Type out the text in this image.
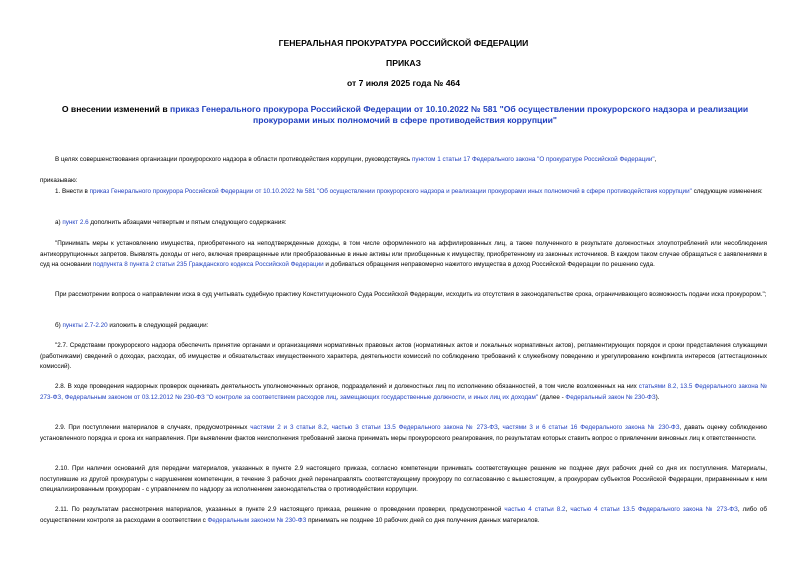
ГЕНЕРАЛЬНАЯ ПРОКУРАТУРА РОССИЙСКОЙ ФЕДЕРАЦИИ
ПРИКАЗ
от 7 июля 2025 года № 464
О внесении изменений в приказ Генерального прокурора Российской Федерации от 10.10.2022 № 581 "Об осуществлении прокурорского надзора и реализации прокурорами иных полномочий в сфере противодействия коррупции"
В целях совершенствования организации прокурорского надзора в области противодействия коррупции, руководствуясь пунктом 1 статьи 17 Федерального закона "О прокуратуре Российской Федерации",
приказываю:
1. Внести в приказ Генерального прокурора Российской Федерации от 10.10.2022 № 581 "Об осуществлении прокурорского надзора и реализации прокурорами иных полномочий в сфере противодействия коррупции" следующие изменения:
а) пункт 2.6 дополнить абзацами четвертым и пятым следующего содержания:
"Принимать меры к установлению имущества, приобретенного на неподтвержденные доходы, в том числе оформленного на аффилированных лиц, а также полученного в результате должностных злоупотреблений или несоблюдения антикоррупционных запретов. Выявлять доходы от него, включая превращенные или преобразованные в иные активы или приобщенные к имуществу, приобретенному из законных источников. В каждом таком случае обращаться с заявлениями в суд на основании подпункта 8 пункта 2 статьи 235 Гражданского кодекса Российской Федерации и добиваться обращения неправомерно нажитого имущества в доход Российской Федерации по решению суда.
При рассмотрении вопроса о направлении иска в суд учитывать судебную практику Конституционного Суда Российской Федерации, исходить из отсутствия в законодательстве срока, ограничивающего возможность подачи иска прокурором.";
б) пункты 2.7-2.20 изложить в следующей редакции:
"2.7. Средствами прокурорского надзора обеспечить принятие органами и организациями нормативных правовых актов (нормативных актов и локальных нормативных актов), регламентирующих порядок и сроки представления служащими (работниками) сведений о доходах, расходах, об имуществе и обязательствах имущественного характера, деятельности комиссий по соблюдению требований к служебному поведению и урегулированию конфликта интересов (аттестационных комиссий).
2.8. В ходе проведения надзорных проверок оценивать деятельность уполномоченных органов, подразделений и должностных лиц по исполнению обязанностей, в том числе возложенных на них статьями 8.2, 13.5 Федерального закона № 273-ФЗ, Федеральным законом от 03.12.2012 № 230-ФЗ "О контроле за соответствием расходов лиц, замещающих государственные должности, и иных лиц их доходам" (далее - Федеральный закон № 230-ФЗ).
2.9. При поступлении материалов в случаях, предусмотренных частями 2 и 3 статьи 8.2, частью 3 статьи 13.5 Федерального закона № 273-ФЗ, частями 3 и 6 статьи 16 Федерального закона № 230-ФЗ, давать оценку соблюдению установленного порядка и срока их направления. При выявлении фактов неисполнения требований закона принимать меры прокурорского реагирования, по результатам которых ставить вопрос о привлечении виновных лиц к ответственности.
2.10. При наличии оснований для передачи материалов, указанных в пункте 2.9 настоящего приказа, согласно компетенции принимать соответствующее решение не позднее двух рабочих дней со дня их поступления. Материалы, поступившие из другой прокуратуры с нарушением компетенции, в течение 3 рабочих дней перенаправлять соответствующему прокурору по согласованию с вышестоящим, а прокурорам субъектов Российской Федерации, приравненным к ним специализированным прокурорам - с управлением по надзору за исполнением законодательства о противодействии коррупции.
2.11. По результатам рассмотрения материалов, указанных в пункте 2.9 настоящего приказа, решение о проведении проверки, предусмотренной частью 4 статьи 8.2, частью 4 статьи 13.5 Федерального закона № 273-ФЗ, либо об осуществлении контроля за расходами в соответствии с Федеральным законом № 230-ФЗ принимать не позднее 10 рабочих дней со дня получения данных материалов.
